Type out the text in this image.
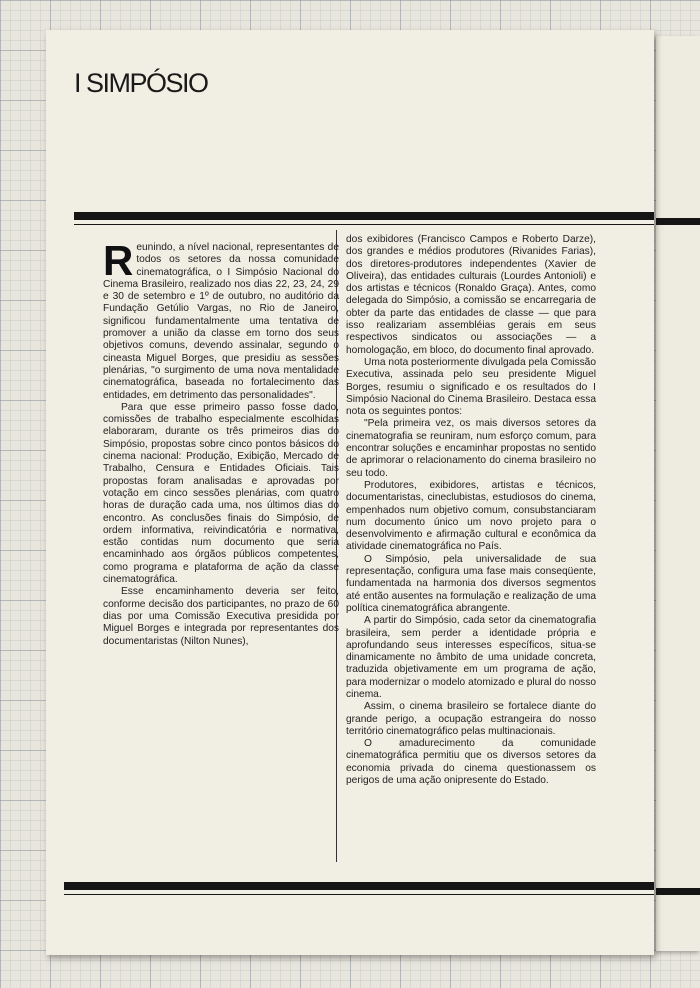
I SIMPÓSIO

Reunindo, a nível nacional, representantes de todos os setores da nossa comunidade cinematográfica, o I Simpósio Nacional do Cinema Brasileiro, realizado nos dias 22, 23, 24, 29 e 30 de setembro e 1º de outubro, no auditório da Fundação Getúlio Vargas, no Rio de Janeiro, significou fundamentalmente uma tentativa de promover a união da classe em torno dos seus objetivos comuns, devendo assinalar, segundo o cineasta Miguel Borges, que presidiu as sessões plenárias, "o surgimento de uma nova mentalidade cinematográfica, baseada no fortalecimento das entidades, em detrimento das personalidades".

Para que esse primeiro passo fosse dado, comissões de trabalho especialmente escolhidas elaboraram, durante os três primeiros dias do Simpósio, propostas sobre cinco pontos básicos do cinema nacional: Produção, Exibição, Mercado de Trabalho, Censura e Entidades Oficiais. Tais propostas foram analisadas e aprovadas por votação em cinco sessões plenárias, com quatro horas de duração cada uma, nos últimos dias do encontro. As conclusões finais do Simpósio, de ordem informativa, reivindicatória e normativa, estão contidas num documento que seria encaminhado aos órgãos públicos competentes, como programa e plataforma de ação da classe cinematográfica.

Esse encaminhamento deveria ser feito, conforme decisão dos participantes, no prazo de 60 dias por uma Comissão Executiva presidida por Miguel Borges e integrada por representantes dos documentaristas (Nilton Nunes),

dos exibidores (Francisco Campos e Roberto Darze), dos grandes e médios produtores (Rivanides Farias), dos diretores-produtores independentes (Xavier de Oliveira), das entidades culturais (Lourdes Antonioli) e dos artistas e técnicos (Ronaldo Graça). Antes, como delegada do Simpósio, a comissão se encarregaria de obter da parte das entidades de classe — que para isso realizariam assembléias gerais em seus respectivos sindicatos ou associações — a homologação, em bloco, do documento final aprovado.

Uma nota posteriormente divulgada pela Comissão Executiva, assinada pelo seu presidente Miguel Borges, resumiu o significado e os resultados do I Simpósio Nacional do Cinema Brasileiro. Destaca essa nota os seguintes pontos:

"Pela primeira vez, os mais diversos setores da cinematografia se reuniram, num esforço comum, para encontrar soluções e encaminhar propostas no sentido de aprimorar o relacionamento do cinema brasileiro no seu todo.

Produtores, exibidores, artistas e técnicos, documentaristas, cineclubistas, estudiosos do cinema, empenhados num objetivo comum, consubstanciaram num documento único um novo projeto para o desenvolvimento e afirmação cultural e econômica da atividade cinematográfica no País.

O Simpósio, pela universalidade de sua representação, configura uma fase mais conseqüente, fundamentada na harmonia dos diversos segmentos até então ausentes na formulação e realização de uma política cinematográfica abrangente.

A partir do Simpósio, cada setor da cinematografia brasileira, sem perder a identidade própria e aprofundando seus interesses específicos, situa-se dinamicamente no âmbito de uma unidade concreta, traduzida objetivamente em um programa de ação, para modernizar o modelo atomizado e plural do nosso cinema.

Assim, o cinema brasileiro se fortalece diante do grande perigo, a ocupação estrangeira do nosso território cinematográfico pelas multinacionais.

O amadurecimento da comunidade cinematográfica permitiu que os diversos setores da economia privada do cinema questionassem os perigos de uma ação onipresente do Estado.
